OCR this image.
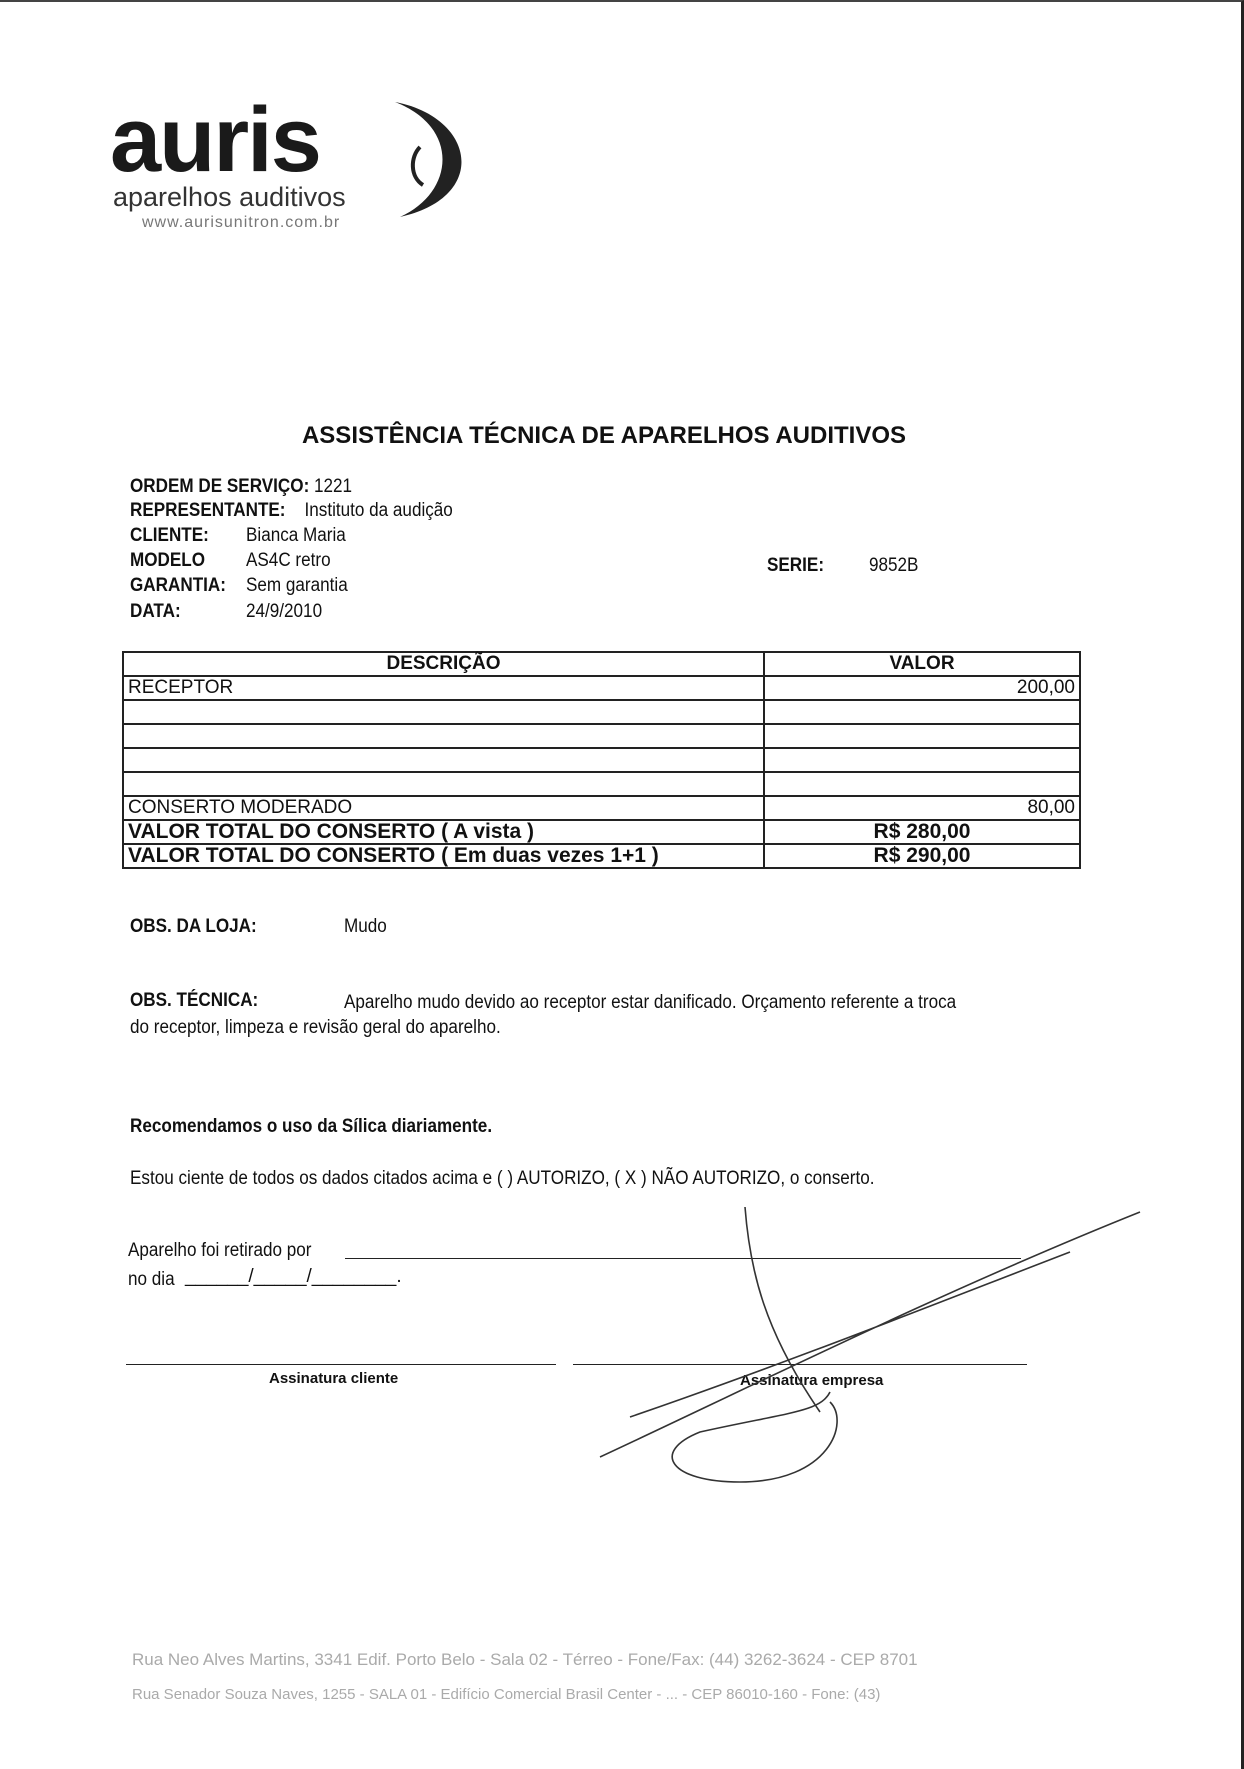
auris
aparelhos auditivos
www.aurisunitron.com.br
ASSISTÊNCIA TÉCNICA DE APARELHOS AUDITIVOS
ORDEM DE SERVIÇO: 1221
REPRESENTANTE: Instituto da audição
CLIENTE: Bianca Maria
MODELO AS4C retro	SERIE: 9852B
GARANTIA: Sem garantia
DATA:	24/9/2010
DESCRIÇÃO	VALOR
RECEPTOR	200,00

CONSERTO MODERADO	80,00
VALOR TOTAL DO CONSERTO ( A vista )	R$ 280,00
VALOR TOTAL DO CONSERTO ( Em duas vezes 1+1 )	R$ 290,00
OBS. DA LOJA:	Mudo
OBS. TÉCNICA:	Aparelho mudo devido ao receptor estar danificado. Orçamento referente a troca
do receptor, limpeza e revisão geral do aparelho.
Recomendamos o uso da Sílica diariamente.
Estou ciente de todos os dados citados acima e ( ) AUTORIZO, ( X ) NÃO AUTORIZO, o conserto.
Aparelho foi retirado por
no dia ______/_____/________.
Assinatura cliente	Assinatura empresa
Rua Neo Alves Martins, 3341 Edif. Porto Belo - Sala 02 - Térreo - Fone/Fax: (44) 3262-3624 - CEP 8701
Rua Senador Souza Naves, 1255 - SALA 01 - Edifício Comercial Brasil Center - ... - CEP 86010-160 - Fone: (43)
